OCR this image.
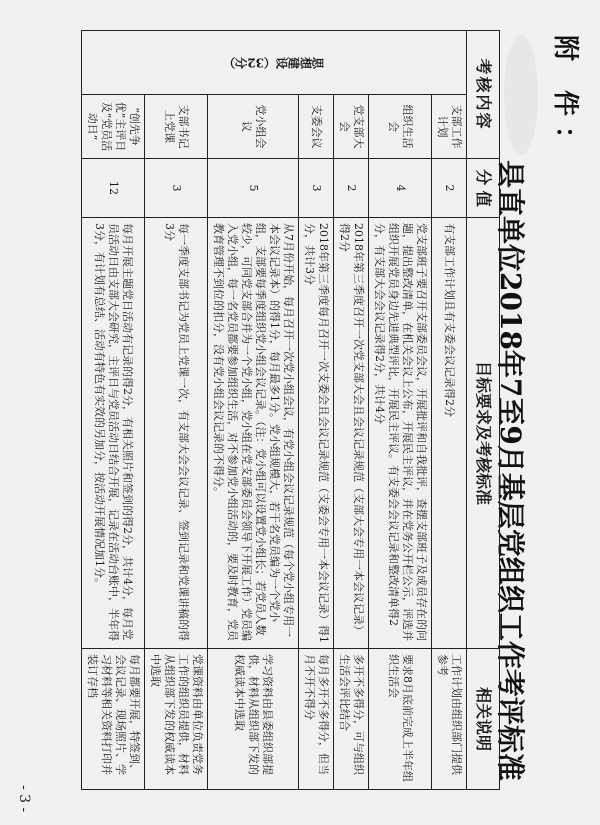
附 件：
县直单位2018年7至9月基层党组织工作考评标准
考核内容		分 值	目标要求及考核标准	相关说明

思想建设（32分）	支部工作计划	2	有支部工作计划且有支委会议记录得2分	工作计划由组织部门提供参考
	组织生活会	4	党支部班子要召开支部委员会议，开展批评和自我批评，查摆支部班子及成员存在的问题，提出整改清单，在机关会议上公布，开展民主评议，并在党务公开栏公示，评选并组织开展党员身边先进典型评比，开展民主评议。有支委会会议记录和整改清单得2分，有支部大会会议记录得2分，共计4分	要求8月底前完成上半年组织生活会
	党支部大会	2	2018年第三季度召开一次党支部大会且会议记录规范（支部大会专用一本会议记录）得2分	多开不多得分，可与组织生活会评比结合
	支委会议	3	2018年第三季度每月召开一次支委会且会议记录规范（支委会专用一本会议记录）得1分，共计3分	每月多开不多得分，但当月不开不得分
	党小组会议	5	从7月份开始，每月召开一次党小组会议，有党小组会议记录规范（每个党小组专用一本会议记录本）的得1分，每月最多1分。党小组规模大，若干名党员编为一个党小组，支部要每季度组织党小组会议记录。（注：党小组可以设置党小组长；若党员人数较少，可同党支部合并为一个党小组，党小组在党支部委员会领导下开展工作）党员编入党小组，每一名党员都要参加组织生活，对不参加党小组活动的，要及时教育，党员教育管理不到位的扣分，没有党小组会议记录的不得分。	学习资料由县委组织部提供，材料从组织部下发的权威读本中选取
	支部书记上党课	3	每一季度支部书记为党员上党课一次，有支部大会会议记录、签到记录和党课讲稿的得3分	党课资料由单位负责党务工作的组织员提供，材料从组织部下发的权威读本中选取
	“创先争优”主评日及“党员活动日”	12	每月开展主题党日活动有记录的得2分，有相关照片和签到的得2分，共计4分，每月党员活动日由支部大会研究，主评日与党员活动日结合开展，记录在活动台账中，半年得3分，有计划有总结、活动有特色有实效的另加分，按活动开展情况加1分。	每月都要开展，特签到、会议记录、现场照片、学习材料等相关资料打印并装订存档
- 3 -
